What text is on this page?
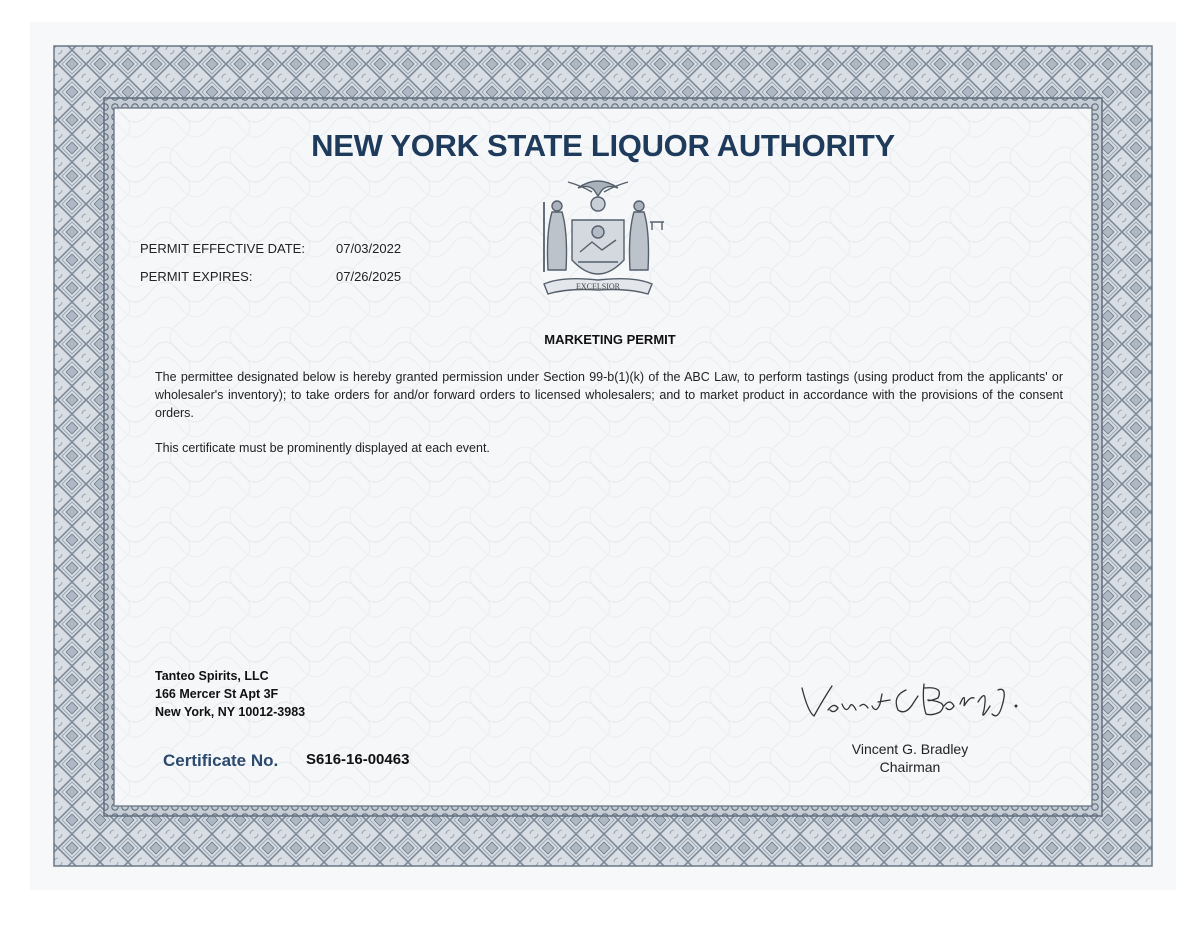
NEW YORK STATE LIQUOR AUTHORITY
PERMIT EFFECTIVE DATE: 07/03/2022
PERMIT EXPIRES:	07/26/2025
EXCELSIOR
MARKETING PERMIT
The permittee designated below is hereby granted permission under Section 99-b(1)(k) of the ABC Law, to perform tastings (using product from the applicants' or wholesaler's inventory); to take orders for and/or forward orders to licensed wholesalers; and to market product in accordance with the provisions of the consent orders.
This certificate must be prominently displayed at each event.
Tanteo Spirits, LLC
166 Mercer St Apt 3F
New York, NY 10012-3983
Certificate No. S616-16-00463
Vincent G. Bradley
Chairman
